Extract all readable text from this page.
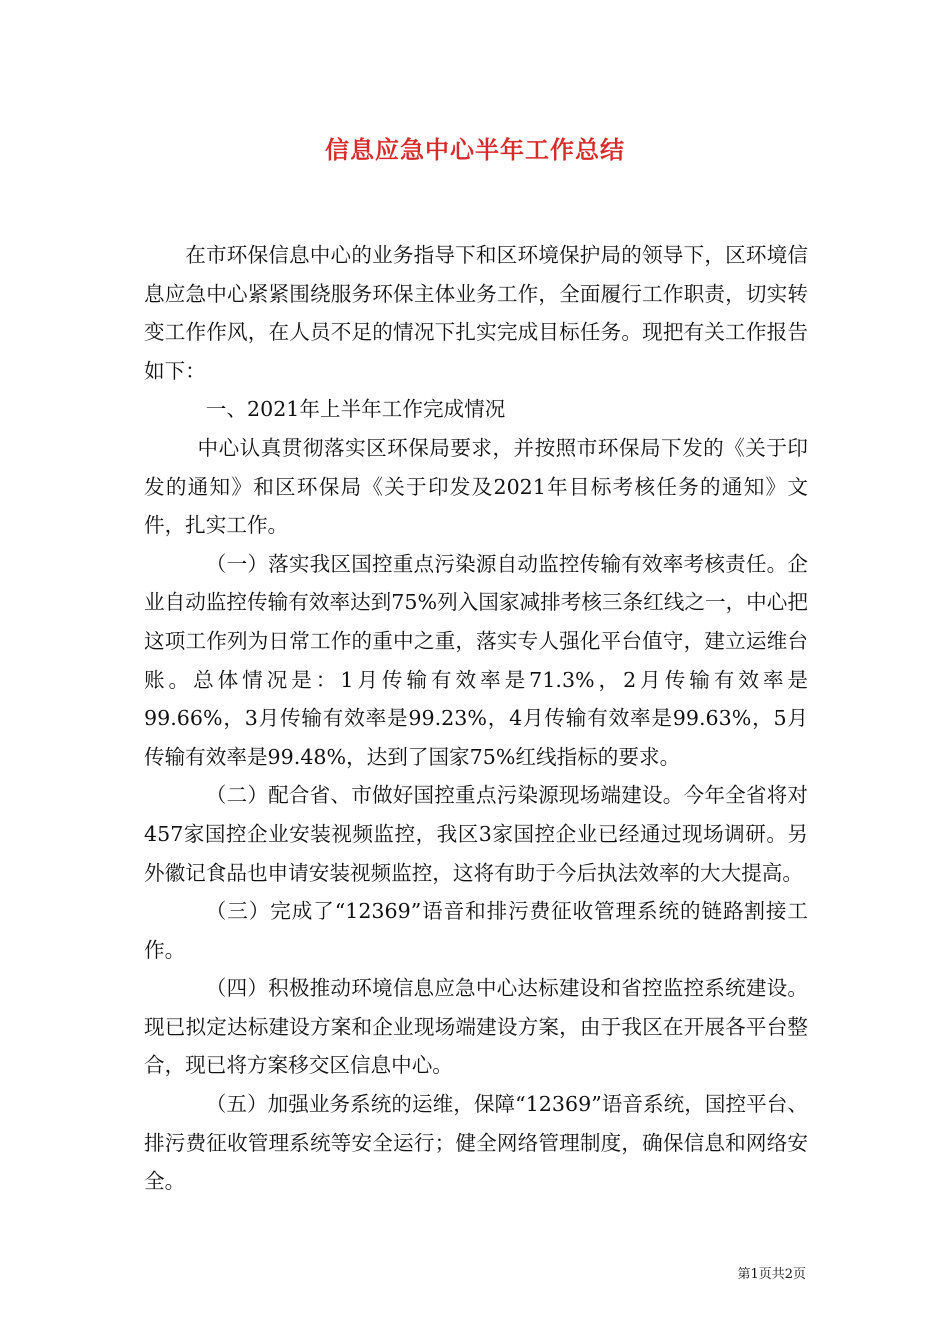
信息应急中心半年工作总结

在市环保信息中心的业务指导下和区环境保护局的领导下，区环境信息应急中心紧紧围绕服务环保主体业务工作，全面履行工作职责，切实转变工作作风，在人员不足的情况下扎实完成目标任务。现把有关工作报告如下：

一、2021年上半年工作完成情况

中心认真贯彻落实区环保局要求，并按照市环保局下发的《关于印发的通知》和区环保局《关于印发及2021年目标考核任务的通知》文件，扎实工作。

（一）落实我区国控重点污染源自动监控传输有效率考核责任。企业自动监控传输有效率达到75%列入国家减排考核三条红线之一，中心把这项工作列为日常工作的重中之重，落实专人强化平台值守，建立运维台账。总体情况是：1月传输有效率是71.3%，2月传输有效率是99.66%，3月传输有效率是99.23%，4月传输有效率是99.63%，5月传输有效率是99.48%，达到了国家75%红线指标的要求。

（二）配合省、市做好国控重点污染源现场端建设。今年全省将对457家国控企业安装视频监控，我区3家国控企业已经通过现场调研。另外徽记食品也申请安装视频监控，这将有助于今后执法效率的大大提高。

（三）完成了“12369”语音和排污费征收管理系统的链路割接工作。

（四）积极推动环境信息应急中心达标建设和省控监控系统建设。现已拟定达标建设方案和企业现场端建设方案，由于我区在开展各平台整合，现已将方案移交区信息中心。

（五）加强业务系统的运维，保障“12369”语音系统，国控平台、排污费征收管理系统等安全运行；健全网络管理制度，确保信息和网络安全。

第1页共2页
